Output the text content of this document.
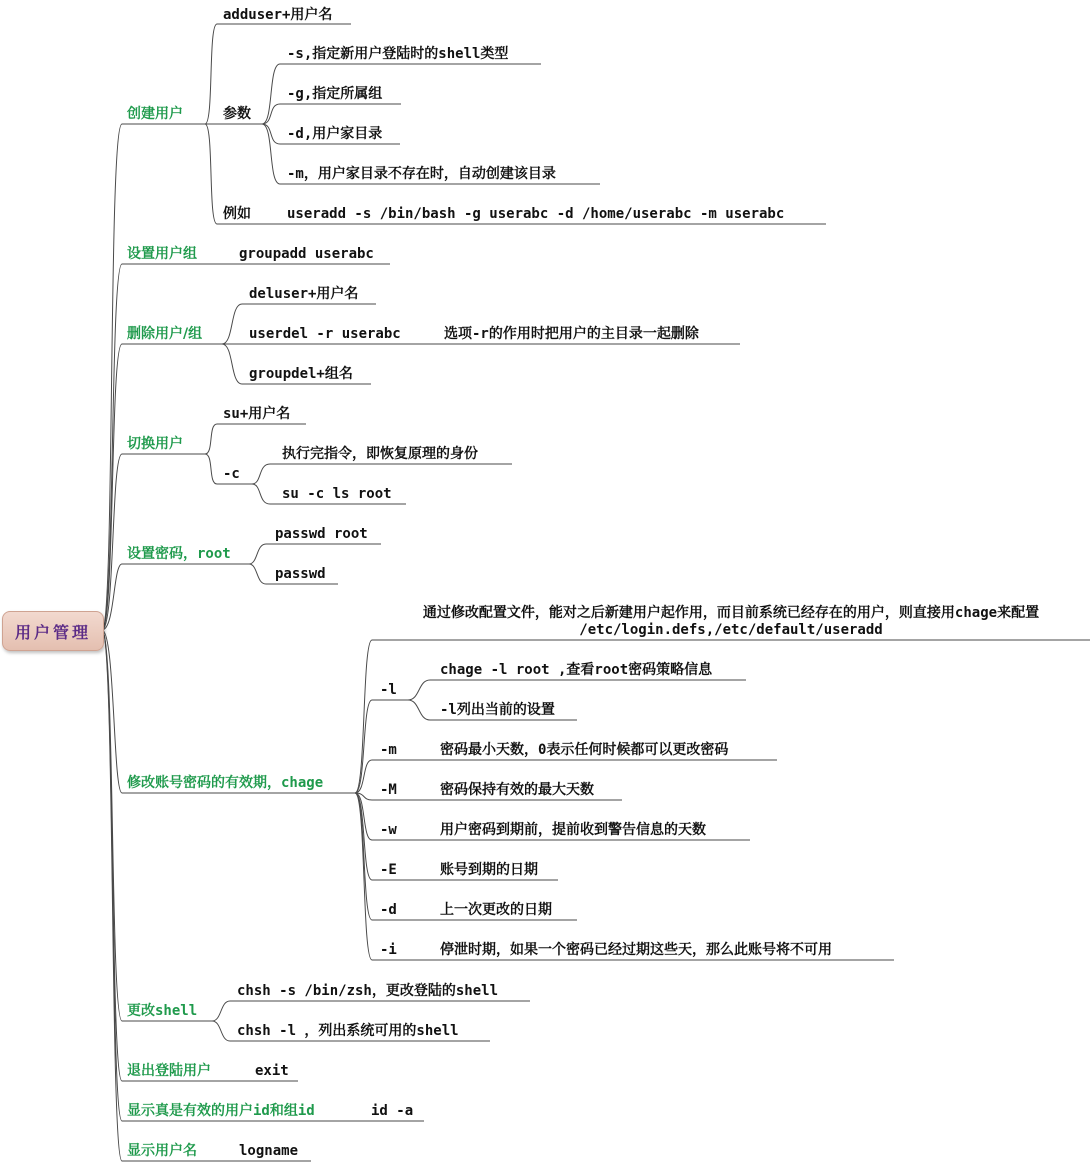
用户管理
创建用户
adduser+用户名
参数
-s,指定新用户登陆时的shell类型
-g,指定所属组
-d,用户家目录
-m，用户家目录不存在时，自动创建该目录
例如	useradd -s /bin/bash -g userabc -d /home/userabc -m userabc
设置用户组	groupadd userabc
删除用户/组
deluser+用户名
userdel -r userabc	选项-r的作用时把用户的主目录一起删除
groupdel+组名
切换用户
su+用户名
-c
执行完指令，即恢复原理的身份
su -c ls root
设置密码，root
passwd root
passwd
修改账号密码的有效期，chage
通过修改配置文件，能对之后新建用户起作用，而目前系统已经存在的用户，则直接用chage来配置
/etc/login.defs,/etc/default/useradd
-l
chage -l root ,查看root密码策略信息
-l列出当前的设置
-m	密码最小天数，0表示任何时候都可以更改密码
-M	密码保持有效的最大天数
-w	用户密码到期前，提前收到警告信息的天数
-E	账号到期的日期
-d	上一次更改的日期
-i	停泄时期，如果一个密码已经过期这些天，那么此账号将不可用
更改shell
chsh -s /bin/zsh，更改登陆的shell
chsh -l ，列出系统可用的shell
退出登陆用户	exit
显示真是有效的用户id和组id	id -a
显示用户名	logname
